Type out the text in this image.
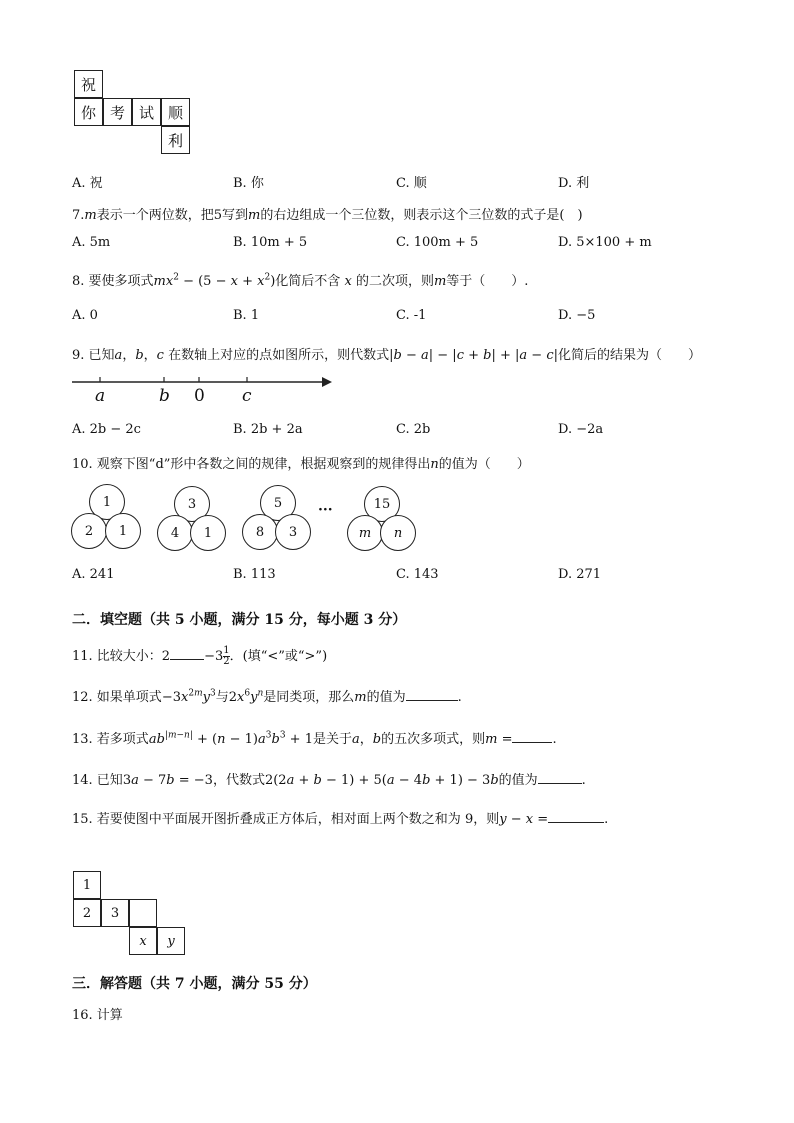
祝
你 考 试 顺
利
A. 祝	B. 你	C. 顺	D. 利
7.m表示一个两位数，把5写到m的右边组成一个三位数，则表示这个三位数的式子是(　)
A. 5m	B. 10m + 5	C. 100m + 5	D. 5×100 + m
8. 要使多项式$mx^2 - (5 - x + x^2)$化简后不含 x 的二次项，则m等于（　　）.
A. 0	B. 1	C. -1	D. −5
9. 已知a，b，c 在数轴上对应的点如图所示，则代数式|b − a| − |c + b| + |a − c|化简后的结果为（　　）
a	b 0 c
A. 2b − 2c	B. 2b + 2a	C. 2b	D. −2a
10. 观察下图“d”形中各数之间的规律，根据观察到的规律得出n的值为（　　）
1
2	1
3
4	1
5
8	3
···	15
m	n
A. 241	B. 113	C. 143	D. 271
二．填空题（共 5 小题，满分 15 分，每小题 3 分）
11. 比较大小：2	$-3 \frac{1}{2}$ ．(填“<”或“>”)
12. 如果单项式$-3x^{2m}y^3$与$2x^6y^n$是同类项，那么m的值为	.
13. 若多项式$ab^{|m-n|} + (n - 1)a^3b^3 + 1$是关于a，b的五次多项式，则m =	.
14. 已知3a − 7b = −3，代数式2(2a + b − 1) + 5(a − 4b + 1) − 3b的值为	.
15. 若要使图中平面展开图折叠成正方体后，相对面上两个数之和为 9，则y − x =	.
1
2	3
x	y
三．解答题（共 7 小题，满分 55 分）
16. 计算
